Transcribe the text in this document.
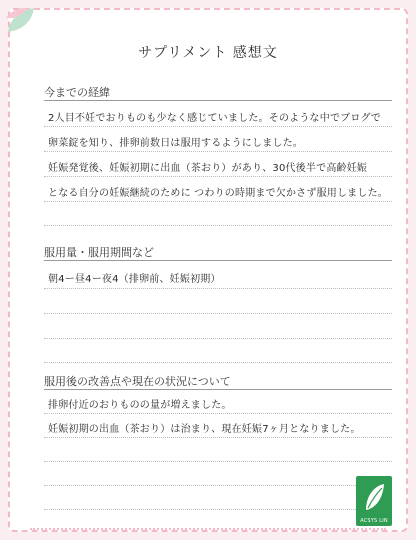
サプリメント 感想文
今までの経緯
2人目不妊でおりものも少なく感じていました。そのような中でブログで
卵菜錠を知り、排卵前数日は服用するようにしました。
妊娠発覚後、妊娠初期に出血（茶おり）があり、30代後半で高齢妊娠
となる自分の妊娠継続のために つわりの時期まで欠かさず服用しました。
服用量・服用期間など
朝4ー昼4ー夜4（排卵前、妊娠初期）
服用後の改善点や現在の状況について
排卵付近のおりものの量が増えました。
妊娠初期の出血（茶おり）は治まり、現在妊娠7ヶ月となりました。
ACSYS LIN
